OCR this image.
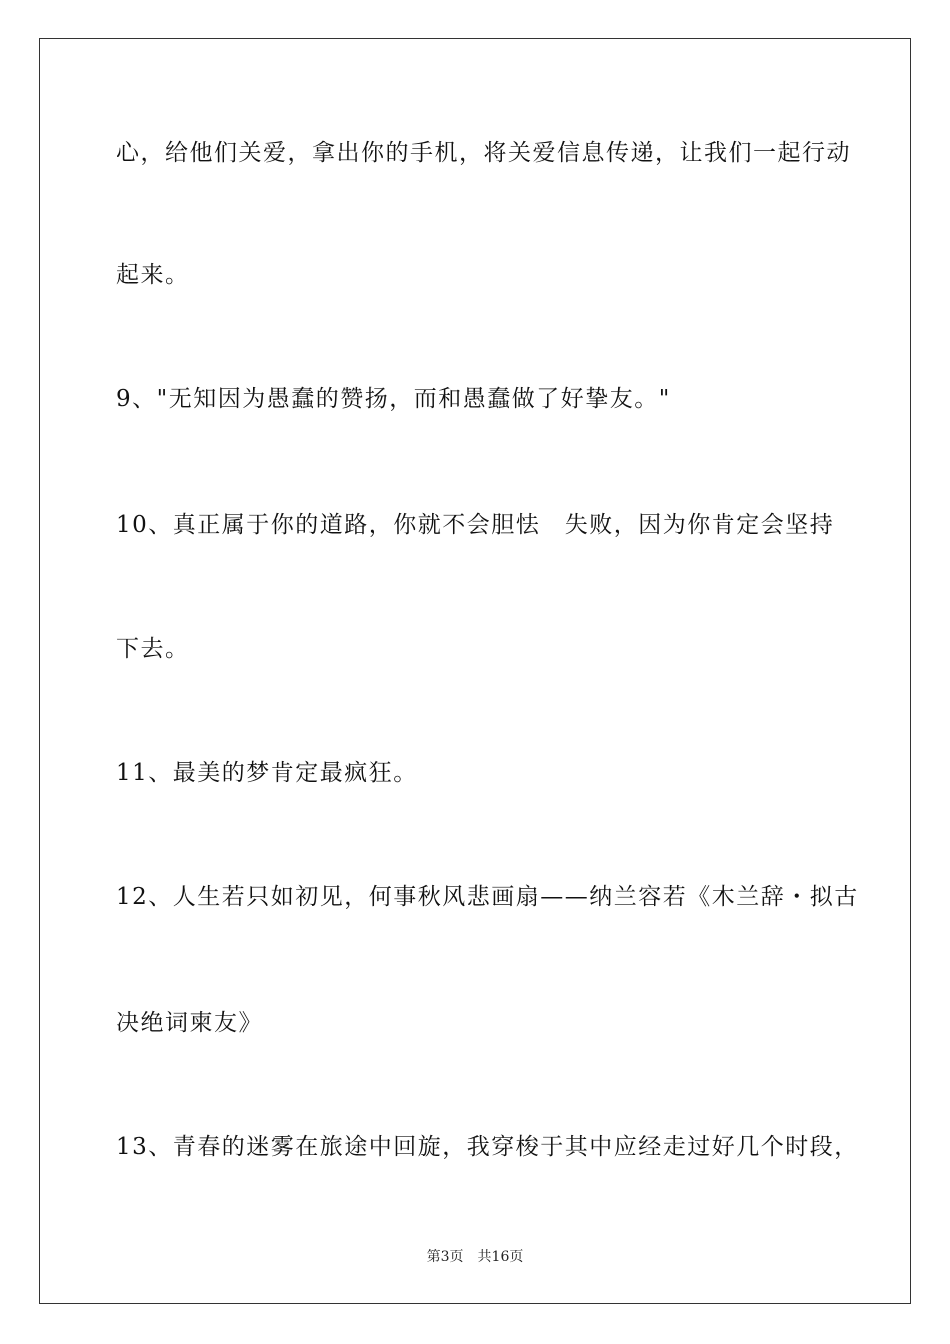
心，给他们关爱，拿出你的手机，将关爱信息传递，让我们一起行动
起来。
9、"无知因为愚蠢的赞扬，而和愚蠢做了好挚友。"
10、真正属于你的道路，你就不会胆怯　失败，因为你肯定会坚持
下去。
11、最美的梦肯定最疯狂。
12、人生若只如初见，何事秋风悲画扇——纳兰容若《木兰辞・拟古
决绝词柬友》
13、青春的迷雾在旅途中回旋，我穿梭于其中应经走过好几个时段，
第3页 共16页
